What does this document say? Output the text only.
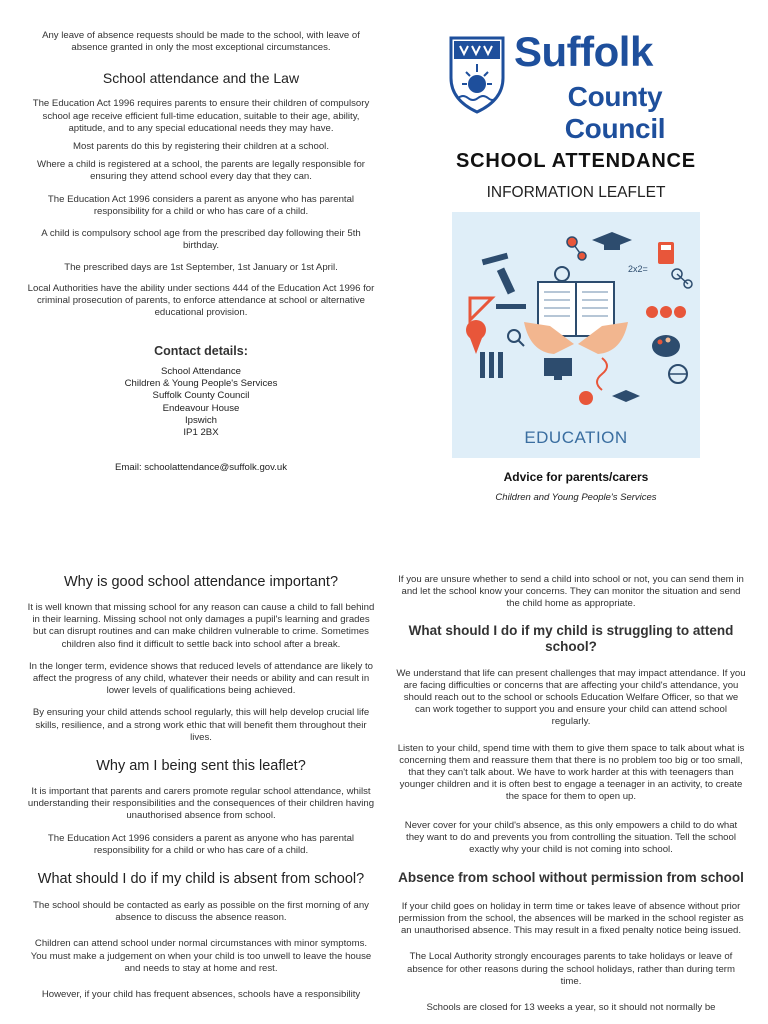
Any leave of absence requests should be made to the school, with leave of absence granted in only the most exceptional circumstances.

School attendance and the Law

The Education Act 1996 requires parents to ensure their children of compulsory school age receive efficient full-time education, suitable to their age, ability, aptitude, and to any special educational needs they may have.

Most parents do this by registering their children at a school.

Where a child is registered at a school, the parents are legally responsible for ensuring they attend school every day that they can.

The Education Act 1996 considers a parent as anyone who has parental responsibility for a child or who has care of a child.

A child is compulsory school age from the prescribed day following their 5th birthday.

The prescribed days are 1st September, 1st January or 1st April.

Local Authorities have the ability under sections 444 of the Education Act 1996 for criminal prosecution of parents, to enforce attendance at school or alternative educational provision.

Contact details:
School Attendance
Children & Young People's Services
Suffolk County Council
Endeavour House
Ipswich
IP1 2BX
Email: schoolattendance@suffolk.gov.uk
Suffolk
County Council
SCHOOL ATTENDANCE
INFORMATION LEAFLET
2x2=
EDUCATION
Advice for parents/carers
Children and Young People's Services
Why is good school attendance important?

It is well known that missing school for any reason can cause a child to fall behind in their learning. Missing school not only damages a pupil's learning and grades but can disrupt routines and can make children vulnerable to crime. Sometimes children also find it difficult to settle back into school after a break.

In the longer term, evidence shows that reduced levels of attendance are likely to affect the progress of any child, whatever their needs or ability and can result in lower levels of qualifications being achieved.

By ensuring your child attends school regularly, this will help develop crucial life skills, resilience, and a strong work ethic that will benefit them throughout their lives.

Why am I being sent this leaflet?

It is important that parents and carers promote regular school attendance, whilst understanding their responsibilities and the consequences of their children having unauthorised absence from school.

The Education Act 1996 considers a parent as anyone who has parental responsibility for a child or who has care of a child.

What should I do if my child is absent from school?

The school should be contacted as early as possible on the first morning of any absence to discuss the absence reason.

Children can attend school under normal circumstances with minor symptoms. You must make a judgement on when your child is too unwell to leave the house and needs to stay at home and rest.

However, if your child has frequent absences, schools have a responsibility

If you are unsure whether to send a child into school or not, you can send them in and let the school know your concerns. They can monitor the situation and send the child home as appropriate.

What should I do if my child is struggling to attend school?

We understand that life can present challenges that may impact attendance. If you are facing difficulties or concerns that are affecting your child's attendance, you should reach out to the school or schools Education Welfare Officer, so that we can work together to support you and ensure your child can attend school regularly.

Listen to your child, spend time with them to give them space to talk about what is concerning them and reassure them that there is no problem too big or too small, that they can't talk about. We have to work harder at this with teenagers than younger children and it is often best to engage a teenager in an activity, to create the space for them to open up.

Never cover for your child's absence, as this only empowers a child to do what they want to do and prevents you from controlling the situation. Tell the school exactly why your child is not coming into school.

Absence from school without permission from school

If your child goes on holiday in term time or takes leave of absence without prior permission from the school, the absences will be marked in the school register as an unauthorised absence. This may result in a fixed penalty notice being issued.

The Local Authority strongly encourages parents to take holidays or leave of absence for other reasons during the school holidays, rather than during term time.

Schools are closed for 13 weeks a year, so it should not normally be
